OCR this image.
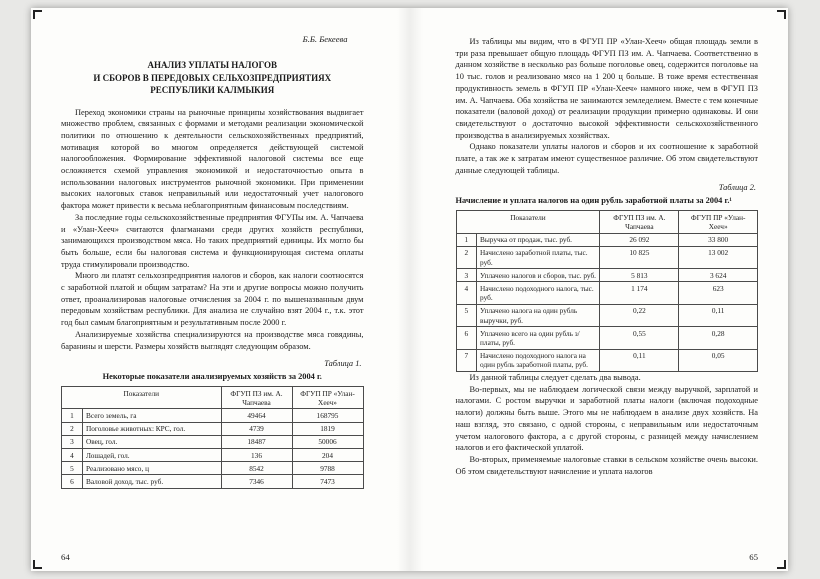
Б.Б. Бекеева
АНАЛИЗ УПЛАТЫ НАЛОГОВ
И СБОРОВ В ПЕРЕДОВЫХ СЕЛЬХОЗПРЕДПРИЯТИЯХ
РЕСПУБЛИКИ КАЛМЫКИЯ

Переход экономики страны на рыночные принципы хозяйствования выдвигает множество проблем, связанных с формами и методами реализации экономической политики по отношению к деятельности сельскохозяйственных предприятий, мотивация которой во многом определяется действующей системой налогообложения. Формирование эффективной налоговой системы все еще осложняется схемой управления экономикой и недостаточностью опыта в использовании налоговых инструментов рыночной экономики. При применении высоких налоговых ставок неправильный или недостаточный учет налогового фактора может привести к весьма неблагоприятным финансовым последствиям.

За последние годы сельскохозяйственные предприятия ФГУПы им. А. Чапчаева и «Улан-Хееч» считаются флагманами среди других хозяйств республики, занимающихся производством мяса. Но таких предприятий единицы. Их могло бы быть больше, если бы налоговая система и функционирующая система оплаты труда стимулировали производство.

Много ли платят сельхозпредприятия налогов и сборов, как налоги соотносятся с заработной платой и общим затратам? На эти и другие вопросы можно получить ответ, проанализировав налоговые отчисления за 2004 г. по вышеназванным двум передовым хозяйствам республики. Для анализа не случайно взят 2004 г., т.к. этот год был самым благоприятным и результативным после 2000 г.

Анализируемые хозяйства специализируются на производстве мяса говядины, баранины и шерсти. Размеры хозяйств выглядят следующим образом.

Таблица 1.
Некоторые показатели анализируемых хозяйств за 2004 г.
Показатели		ФГУП ПЗ им. А. Чапчаева	ФГУП ПР «Улан-Хееч»
1	Всего земель, га	49464	168795
2	Поголовье животных: КРС, гол.	4739	1819
3	Овец, гол.	18487	50006
4	Лошадей, гол.	136	204
5	Реализовано мясо, ц	8542	9788
6	Валовой доход, тыс. руб.	7346	7473
64

Из таблицы мы видим, что в ФГУП ПР «Улан-Хееч» общая площадь земли в три раза превышает общую площадь ФГУП ПЗ им. А. Чапчаева. Соответственно в данном хозяйстве в несколько раз больше поголовье овец, содержится поголовье на 10 тыс. голов и реализовано мясо на 1 200 ц больше. В тоже время естественная продуктивность земель в ФГУП ПР «Улан-Хееч» намного ниже, чем в ФГУП ПЗ им. А. Чапчаева. Оба хозяйства не занимаются земледелием. Вместе с тем конечные показатели (валовой доход) от реализации продукции примерно одинаковы. И они свидетельствуют о достаточно высокой эффективности сельскохозяйственного производства в анализируемых хозяйствах.

Однако показатели уплаты налогов и сборов и их соотношение к заработной плате, а так же к затратам имеют существенное различие. Об этом свидетельствуют данные следующей таблицы.

Таблица 2.
Начисление и уплата налогов на один рубль заработной платы за 2004 г.¹
Показатели		ФГУП ПЗ им. А. Чапчаева	ФГУП ПР «Улан-Хееч»
1	Выручка от продаж, тыс. руб.	26 092	33 800
2	Начислено заработной платы, тыс. руб.	10 825	13 002
3	Уплачено налогов и сборов, тыс. руб.	5 813	3 624
4	Начислено подоходного налога, тыс. руб.	1 174	623
5	Уплачено налога на один рубль выручки, руб.	0,22	0,11
6	Уплачено всего на один рубль з/платы, руб.	0,55	0,28
7	Начислено подоходного налога на один рубль заработной платы, руб.	0,11	0,05

Из данной таблицы следует сделать два вывода.

Во-первых, мы не наблюдаем логической связи между выручкой, зарплатой и налогами. С ростом выручки и заработной платы налоги (включая подоходные налоги) должны быть выше. Этого мы не наблюдаем в анализе двух хозяйств. На наш взгляд, это связано, с одной стороны, с неправильным или недостаточным учетом налогового фактора, а с другой стороны, с разницей между начислением налогов и его фактической уплатой.

Во-вторых, применяемые налоговые ставки в сельском хозяйстве очень высоки. Об этом свидетельствуют начисление и уплата налогов

65
